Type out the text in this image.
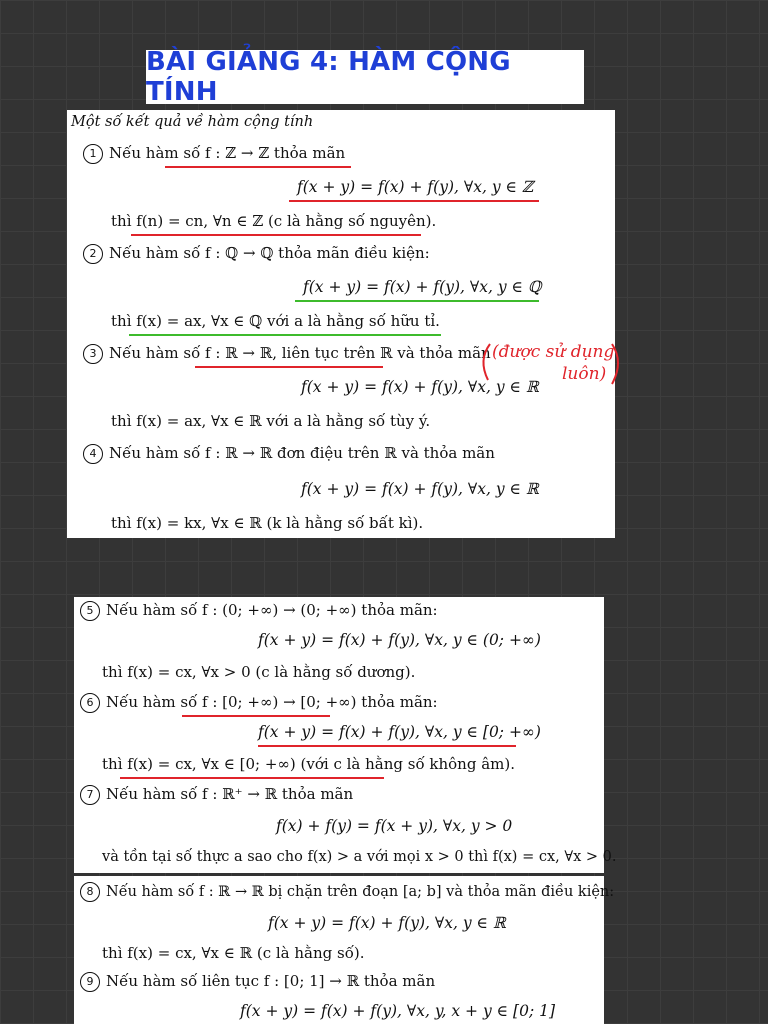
BÀI GIẢNG 4: HÀM CỘNG TÍNH
Một số kết quả về hàm cộng tính
1 Nếu hàm số f : ℤ → ℤ thỏa mãn
f(x + y) = f(x) + f(y), ∀x, y ∈ ℤ
thì f(n) = cn, ∀n ∈ ℤ (c là hằng số nguyên).
2 Nếu hàm số f : ℚ → ℚ thỏa mãn điều kiện:
f(x + y) = f(x) + f(y), ∀x, y ∈ ℚ
thì f(x) = ax, ∀x ∈ ℚ với a là hằng số hữu tỉ.
3 Nếu hàm số f : ℝ → ℝ, liên tục trên ℝ và thỏa mãn
f(x + y) = f(x) + f(y), ∀x, y ∈ ℝ
thì f(x) = ax, ∀x ∈ ℝ với a là hằng số tùy ý.
4 Nếu hàm số f : ℝ → ℝ đơn điệu trên ℝ và thỏa mãn
f(x + y) = f(x) + f(y), ∀x, y ∈ ℝ
thì f(x) = kx, ∀x ∈ ℝ (k là hằng số bất kì).
(được sử dụng
luôn)
5 Nếu hàm số f : (0; +∞) → (0; +∞) thỏa mãn:
f(x + y) = f(x) + f(y), ∀x, y ∈ (0; +∞)
thì f(x) = cx, ∀x > 0 (c là hằng số dương).
6 Nếu hàm số f : [0; +∞) → [0; +∞) thỏa mãn:
f(x + y) = f(x) + f(y), ∀x, y ∈ [0; +∞)
thì f(x) = cx, ∀x ∈ [0; +∞) (với c là hằng số không âm).
7 Nếu hàm số f : ℝ⁺ → ℝ thỏa mãn
f(x) + f(y) = f(x + y), ∀x, y > 0
và tồn tại số thực a sao cho f(x) > a với mọi x > 0 thì f(x) = cx, ∀x > 0.
8 Nếu hàm số f : ℝ → ℝ bị chặn trên đoạn [a; b] và thỏa mãn điều kiện:
f(x + y) = f(x) + f(y), ∀x, y ∈ ℝ
thì f(x) = cx, ∀x ∈ ℝ (c là hằng số).
9 Nếu hàm số liên tục f : [0; 1] → ℝ thỏa mãn
f(x + y) = f(x) + f(y), ∀x, y, x + y ∈ [0; 1]
